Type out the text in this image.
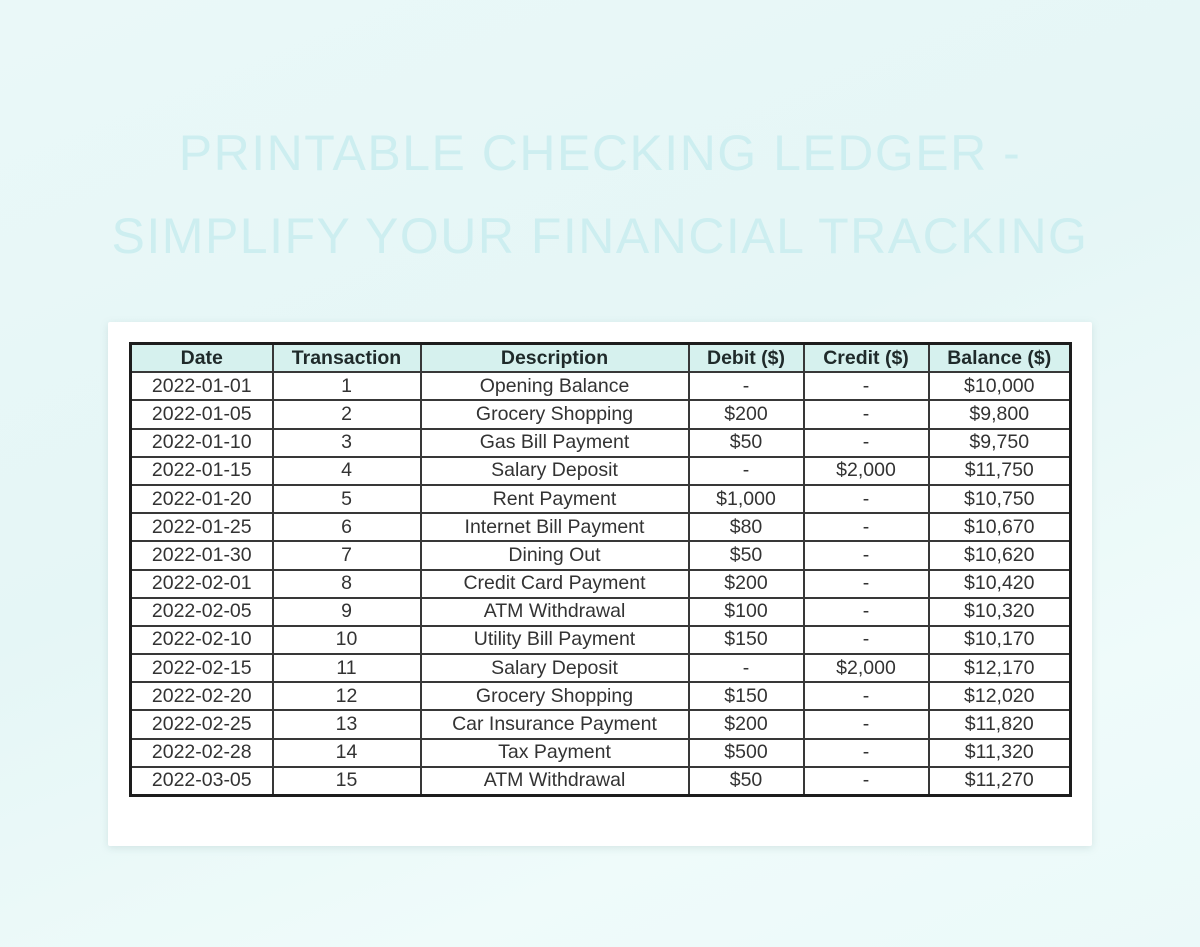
PRINTABLE CHECKING LEDGER -
SIMPLIFY YOUR FINANCIAL TRACKING
Date	Transaction	Description	Debit ($)	Credit ($)	Balance ($)
2022-01-01	1	Opening Balance	-	-	$10,000
2022-01-05	2	Grocery Shopping	$200	-	$9,800
2022-01-10	3	Gas Bill Payment	$50	-	$9,750
2022-01-15	4	Salary Deposit	-	$2,000	$11,750
2022-01-20	5	Rent Payment	$1,000	-	$10,750
2022-01-25	6	Internet Bill Payment	$80	-	$10,670
2022-01-30	7	Dining Out	$50	-	$10,620
2022-02-01	8	Credit Card Payment	$200	-	$10,420
2022-02-05	9	ATM Withdrawal	$100	-	$10,320
2022-02-10	10	Utility Bill Payment	$150	-	$10,170
2022-02-15	11	Salary Deposit	-	$2,000	$12,170
2022-02-20	12	Grocery Shopping	$150	-	$12,020
2022-02-25	13	Car Insurance Payment	$200	-	$11,820
2022-02-28	14	Tax Payment	$500	-	$11,320
2022-03-05	15	ATM Withdrawal	$50	-	$11,270
